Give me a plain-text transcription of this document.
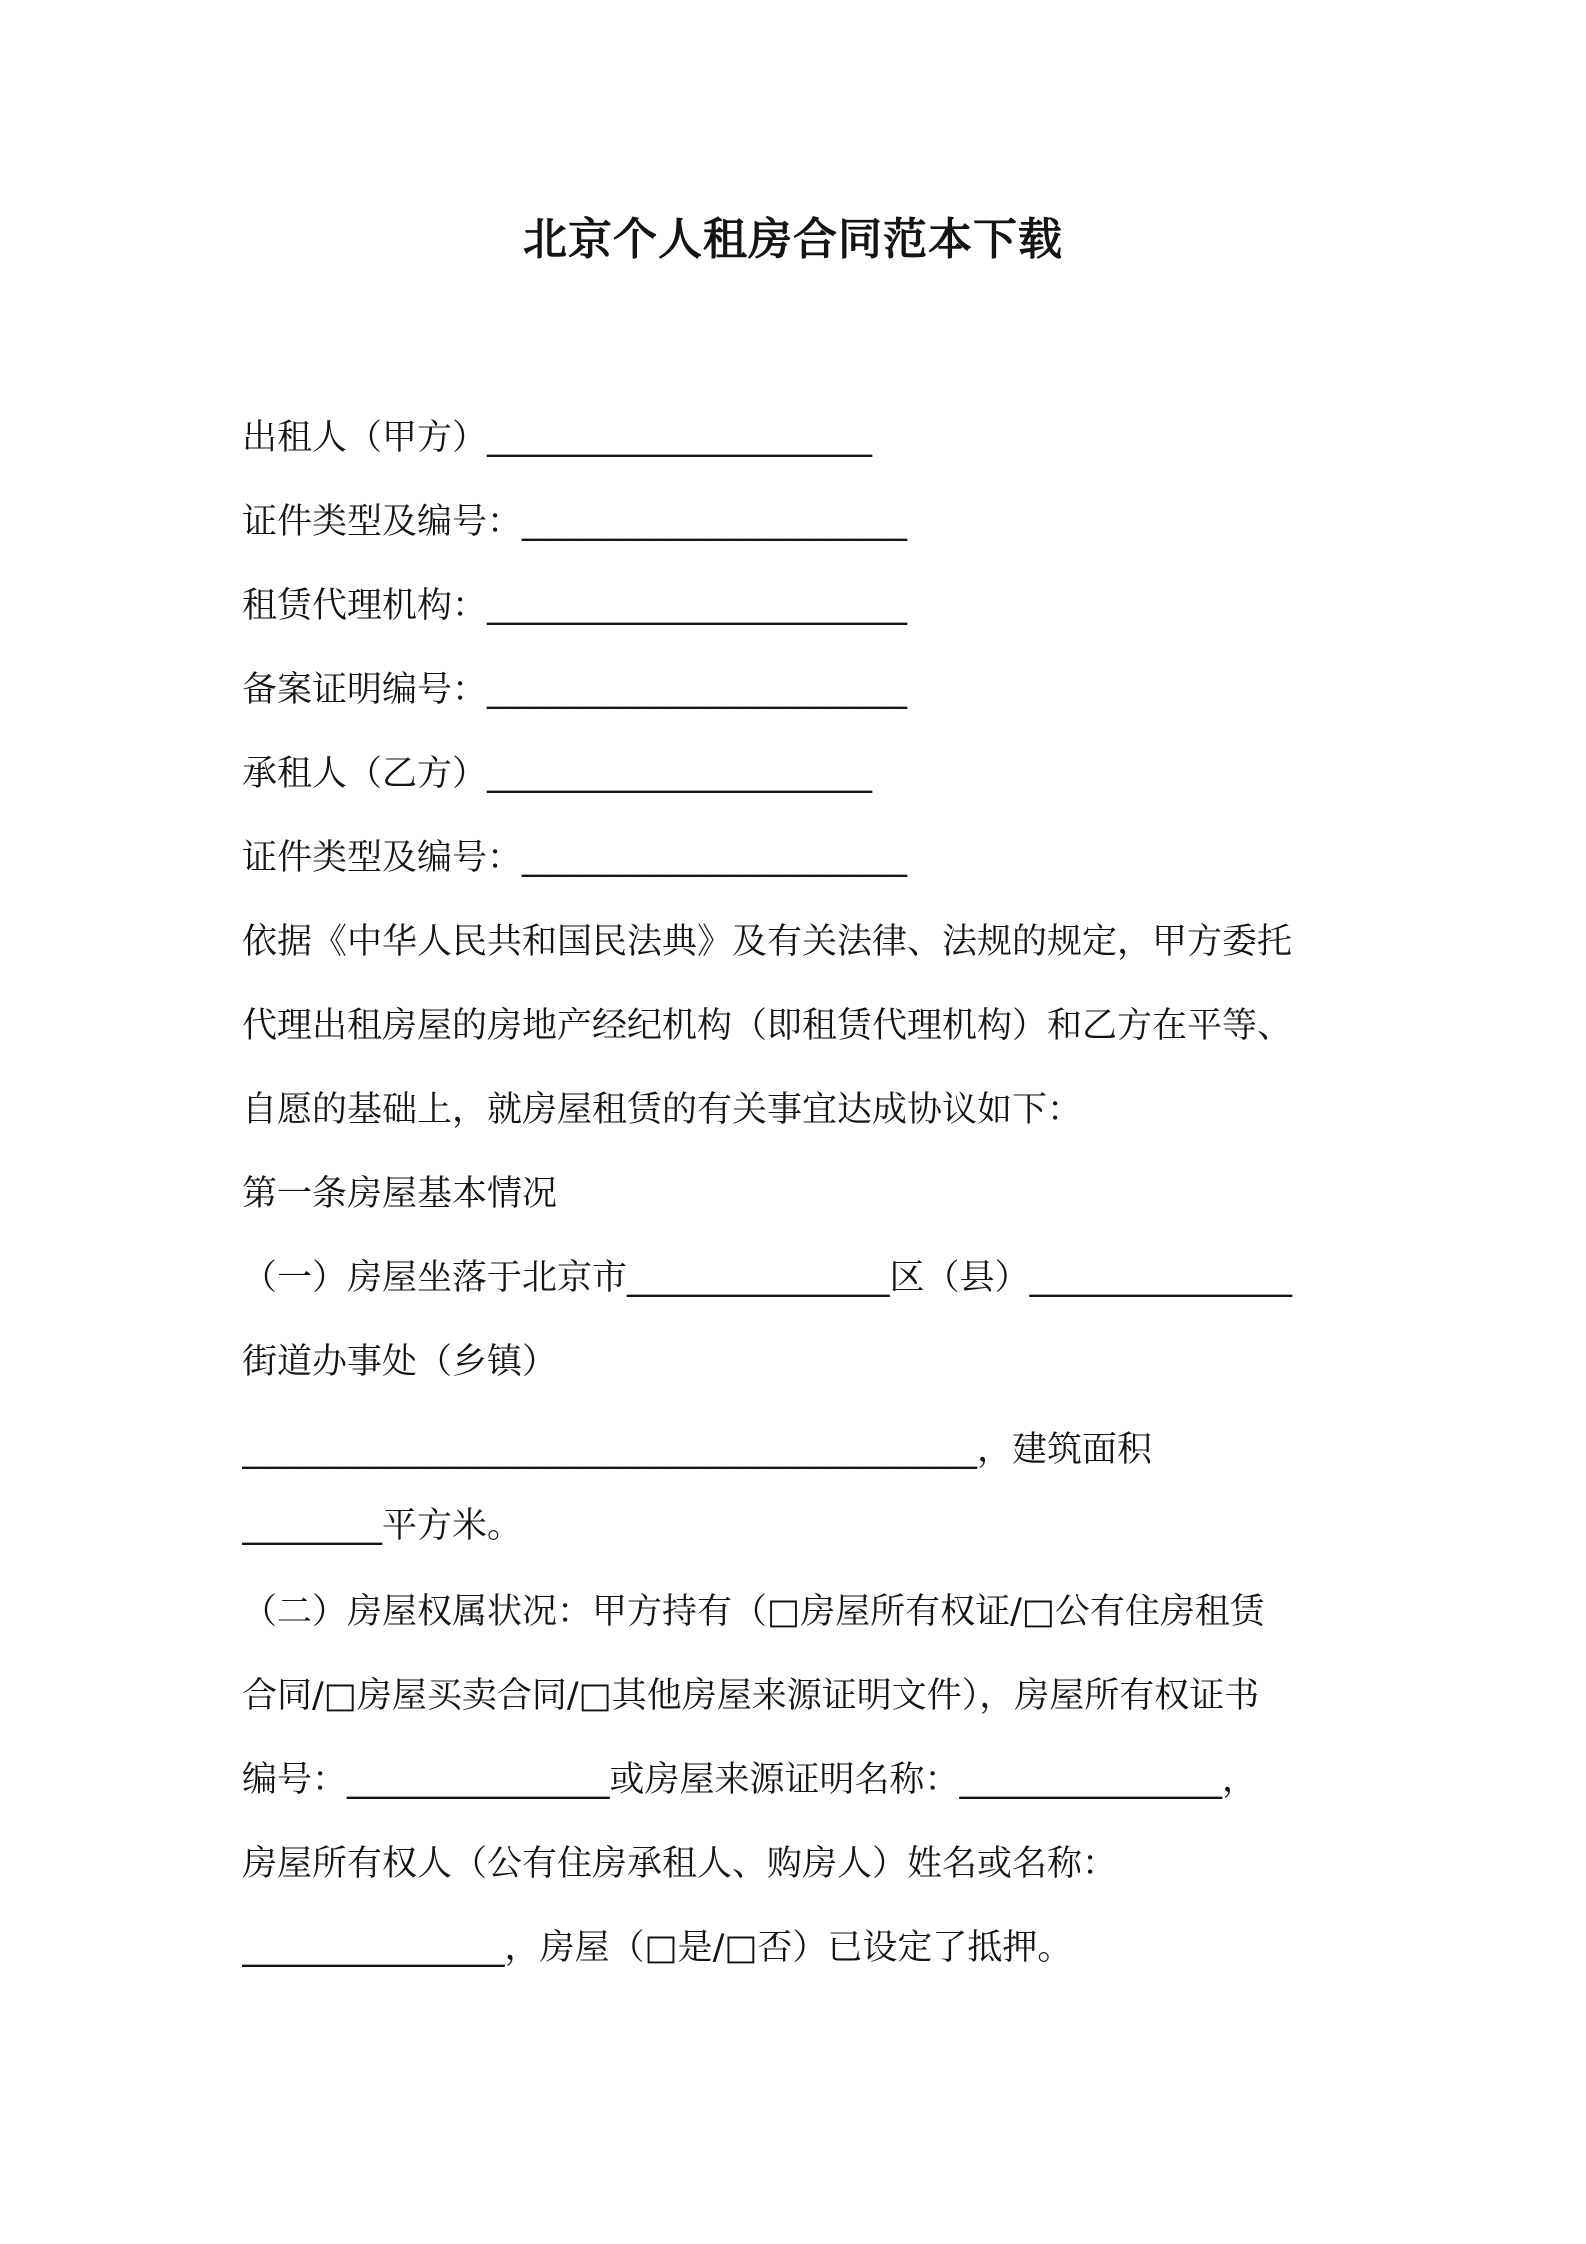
北京个人租房合同范本下载
出租人（甲方）______________________
证件类型及编号：______________________
租赁代理机构：________________________
备案证明编号：________________________
承租人（乙方）______________________
证件类型及编号：______________________
依据《中华人民共和国民法典》及有关法律、法规的规定，甲方委托
代理出租房屋的房地产经纪机构（即租赁代理机构）和乙方在平等、
自愿的基础上，就房屋租赁的有关事宜达成协议如下：
第一条房屋基本情况
（一）房屋坐落于北京市_______________区（县）_______________
街道办事处（乡镇）
__________________________________________，建筑面积
________平方米。
（二）房屋权属状况：甲方持有（□房屋所有权证/□公有住房租赁
合同/□房屋买卖合同/□其他房屋来源证明文件），房屋所有权证书
编号：_______________或房屋来源证明名称：_______________，
房屋所有权人（公有住房承租人、购房人）姓名或名称：
_______________，房屋（□是/□否）已设定了抵押。
